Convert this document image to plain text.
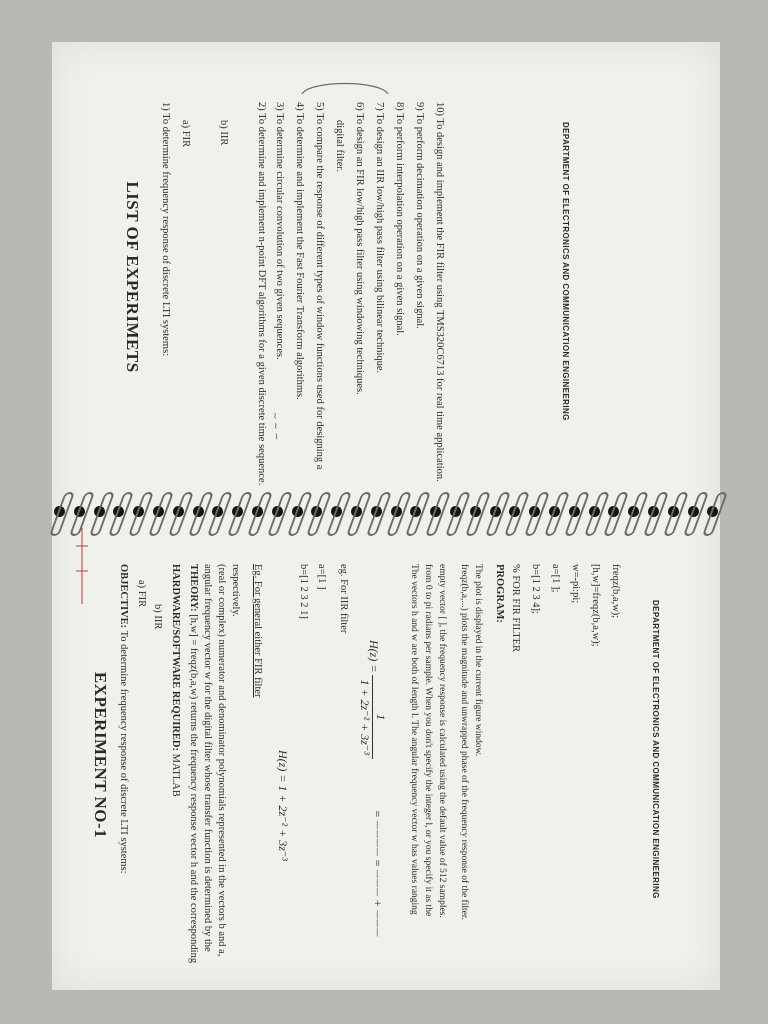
LIST OF EXPERIMETS 1) To determine frequency response of discrete LTI systems: a) FIR	b) IIR	2) To determine and implement n-point DFT algorithms for a given discrete time sequence. 3) To determine circular convolution of two given sequences. 4) To determine and implement the Fast Fourier Transform algorithms. 5) To compare the response of different types of window functions used for designing a digital filter. 6) To design an FIR low/high pass filter using windowing techniques. 7) To design an IIR low/high pass filter using bilinear technique. 8) To perform interpolation operation on a given signal. 9) To perform decimation operation on a given signal. 10) To design and implement the FIR filter using TMS320C6713 for real time application.
~ ~ ~
DEPARTMENT OF ELECTRONICS AND COMMUNICATION ENGINEERING
EXPERIMENT NO-1
OBJECTIVE: To determine frequency response of discrete LTI systems:
a) FIR
b) IIR HARDWARE/SOFTWARE REQUIRED: MATLAB
THEORY: [h,w] = freqz(b,a,w) returns the frequency response vector h and the corresponding angular frequency vector w for the digital filter whose transfer function is determined by the (real or complex) numerator and denominator polynomials represented in the vectors b and a, respectively. Eg. For general either FIR filter
H(z) = 1 + 2z⁻² + 3z⁻³
b=[1 2 3 2 1] a=[1 ] eg. For IIR filter
H(z) =
1
1 + 2z⁻² + 3z⁻³
= ———— = ——— + ———	The vectors h and w are both of length l. The angular frequency vector w has values ranging from 0 to pi radians per sample. When you don't specify the integer l, or you specify it as the empty vector [ ], the frequency response is calculated using the default value of 512 samples. freqz(b,a,...) plots the magnitude and unwrapped phase of the frequency response of the filter. The plot is displayed in the current figure window. PROGRAM: % FOR FIR FILTER b=[1 2 3 4]; a=[1 ]; w=-pi:pi; [h,w]=freqz(b,a,w); freqz(b,a,w);
DEPARTMENT OF ELECTRONICS AND COMMUNICATION ENGINEERING
